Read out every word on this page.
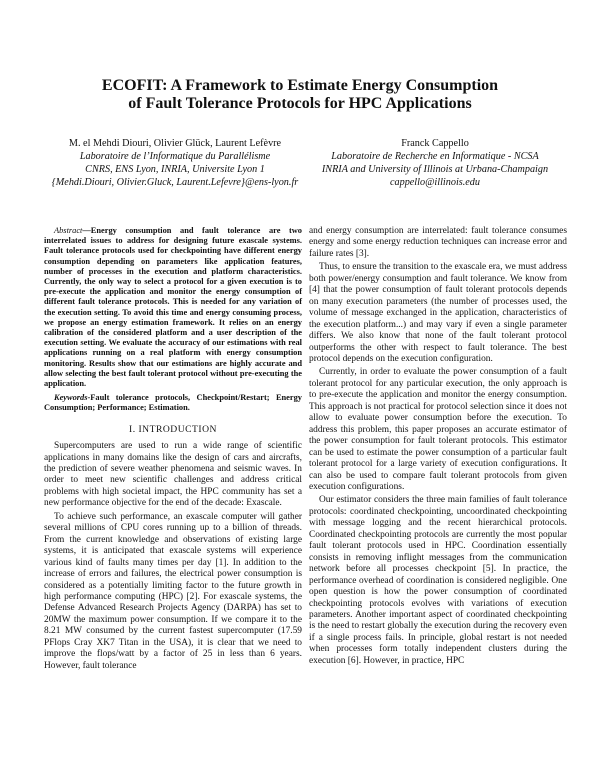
ECOFIT: A Framework to Estimate Energy Consumption
of Fault Tolerance Protocols for HPC Applications
M. el Mehdi Diouri, Olivier Glück, Laurent Lefèvre
Laboratoire de l’Informatique du Parallélisme
CNRS, ENS Lyon, INRIA, Universite Lyon 1
{Mehdi.Diouri, Olivier.Gluck, Laurent.Lefevre}@ens-lyon.fr
Franck Cappello
Laboratoire de Recherche en Informatique - NCSA
INRIA and University of Illinois at Urbana-Champaign
cappello@illinois.edu

Abstract—Energy consumption and fault tolerance are two interrelated issues to address for designing future exascale systems. Fault tolerance protocols used for checkpointing have different energy consumption depending on parameters like application features, number of processes in the execution and platform characteristics. Currently, the only way to select a protocol for a given execution is to pre-execute the application and monitor the energy consumption of different fault tolerance protocols. This is needed for any variation of the execution setting. To avoid this time and energy consuming process, we propose an energy estimation framework. It relies on an energy calibration of the considered platform and a user description of the execution setting. We evaluate the accuracy of our estimations with real applications running on a real platform with energy consumption monitoring. Results show that our estimations are highly accurate and allow selecting the best fault tolerant protocol without pre-executing the application.

Keywords-Fault tolerance protocols, Checkpoint/Restart; Energy Consumption; Performance; Estimation.

I. INTRODUCTION

Supercomputers are used to run a wide range of scientific applications in many domains like the design of cars and aircrafts, the prediction of severe weather phenomena and seismic waves. In order to meet new scientific challenges and address critical problems with high societal impact, the HPC community has set a new performance objective for the end of the decade: Exascale.

To achieve such performance, an exascale computer will gather several millions of CPU cores running up to a billion of threads. From the current knowledge and observations of existing large systems, it is anticipated that exascale systems will experience various kind of faults many times per day [1]. In addition to the increase of errors and failures, the electrical power consumption is considered as a potentially limiting factor to the future growth in high performance computing (HPC) [2]. For exascale systems, the Defense Advanced Research Projects Agency (DARPA) has set to 20MW the maximum power consumption. If we compare it to the 8.21 MW consumed by the current fastest supercomputer (17.59 PFlops Cray XK7 Titan in the USA), it is clear that we need to improve the flops/watt by a factor of 25 in less than 6 years. However, fault tolerance

and energy consumption are interrelated: fault tolerance consumes energy and some energy reduction techniques can increase error and failure rates [3].

Thus, to ensure the transition to the exascale era, we must address both power/energy consumption and fault tolerance. We know from [4] that the power consumption of fault tolerant protocols depends on many execution parameters (the number of processes used, the volume of message exchanged in the application, characteristics of the execution platform...) and may vary if even a single parameter differs. We also know that none of the fault tolerant protocol outperforms the other with respect to fault tolerance. The best protocol depends on the execution configuration.

Currently, in order to evaluate the power consumption of a fault tolerant protocol for any particular execution, the only approach is to pre-execute the application and monitor the energy consumption. This approach is not practical for protocol selection since it does not allow to evaluate power consumption before the execution. To address this problem, this paper proposes an accurate estimator of the power consumption for fault tolerant protocols. This estimator can be used to estimate the power consumption of a particular fault tolerant protocol for a large variety of execution configurations. It can also be used to compare fault tolerant protocols from given execution configurations.

Our estimator considers the three main families of fault tolerance protocols: coordinated checkpointing, uncoordinated checkpointing with message logging and the recent hierarchical protocols. Coordinated checkpointing protocols are currently the most popular fault tolerant protocols used in HPC. Coordination essentially consists in removing inflight messages from the communication network before all processes checkpoint [5]. In practice, the performance overhead of coordination is considered negligible. One open question is how the power consumption of coordinated checkpointing protocols evolves with variations of execution parameters. Another important aspect of coordinated checkpointing is the need to restart globally the execution during the recovery even if a single process fails. In principle, global restart is not needed when processes form totally independent clusters during the execution [6]. However, in practice, HPC
